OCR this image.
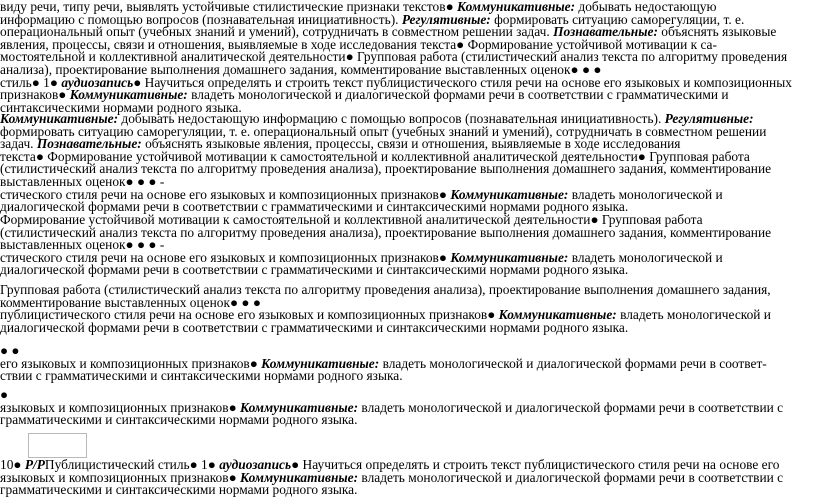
виду речи, типу речи, выявлять устойчивые стилистические признаки текстов● Коммуникативные: добывать недостающую
информацию с помощью вопросов (познавательная инициативность). Регулятивные: формировать ситуацию саморегуляции, т. е.
операциональный опыт (учебных знаний и умений), сотрудничать в совместном решении задач. Познавательные: объяснять языковые
явления, процессы, связи и отношения, выявляемые в ходе исследования текста● Формирование устойчивой мотивации к са-
мостоятельной и коллективной аналитической деятельности● Групповая работа (стилистический анализ текста по алгоритму проведения
анализа), проектирование выполнения домашнего задания, комментирование выставленных оценок● ● ●
стиль● 1● аудиозапись● Научиться определять и строить текст публицистического стиля речи на основе его языковых и композиционных
признаков● Коммуникативные: владеть монологической и диалогической формами речи в соответствии с грамматическими и
синтаксическими нормами родного языка.
Коммуникативные: добывать недостающую информацию с помощью вопросов (познавательная инициативность). Регулятивные:
формировать ситуацию саморегуляции, т. е. операциональный опыт (учебных знаний и умений), сотрудничать в совместном решении
задач. Познавательные: объяснять языковые явления, процессы, связи и отношения, выявляемые в ходе исследования
текста● Формирование устойчивой мотивации к самостоятельной и коллективной аналитической деятельности● Групповая работа
(стилистический анализ текста по алгоритму проведения анализа), проектирование выполнения домашнего задания, комментирование
выставленных оценок● ● ● -
стического стиля речи на основе его языковых и композиционных признаков● Коммуникативные: владеть монологической и
диалогической формами речи в соответствии с грамматическими и синтаксическими нормами родного языка.
Формирование устойчивой мотивации к самостоятельной и коллективной аналитической деятельности● Групповая работа
(стилистический анализ текста по алгоритму проведения анализа), проектирование выполнения домашнего задания, комментирование
выставленных оценок● ● ● -
стического стиля речи на основе его языковых и композиционных признаков● Коммуникативные: владеть монологической и
диалогической формами речи в соответствии с грамматическими и синтаксическими нормами родного языка.
Групповая работа (стилистический анализ текста по алгоритму проведения анализа), проектирование выполнения домашнего задания,
комментирование выставленных оценок● ● ●
публицистического стиля речи на основе его языковых и композиционных признаков● Коммуникативные: владеть монологической и
диалогической формами речи в соответствии с грамматическими и синтаксическими нормами родного языка.
● ●
его языковых и композиционных признаков● Коммуникативные: владеть монологической и диалогической формами речи в соответ-
ствии с грамматическими и синтаксическими нормами родного языка.
●
языковых и композиционных признаков● Коммуникативные: владеть монологической и диалогической формами речи в соответствии с
грамматическими и синтаксическими нормами родного языка.
10● Р/РПублицистический стиль● 1● аудиозапись● Научиться определять и строить текст публицистического стиля речи на основе его
языковых и композиционных признаков● Коммуникативные: владеть монологической и диалогической формами речи в соответствии с
грамматическими и синтаксическими нормами родного языка.
